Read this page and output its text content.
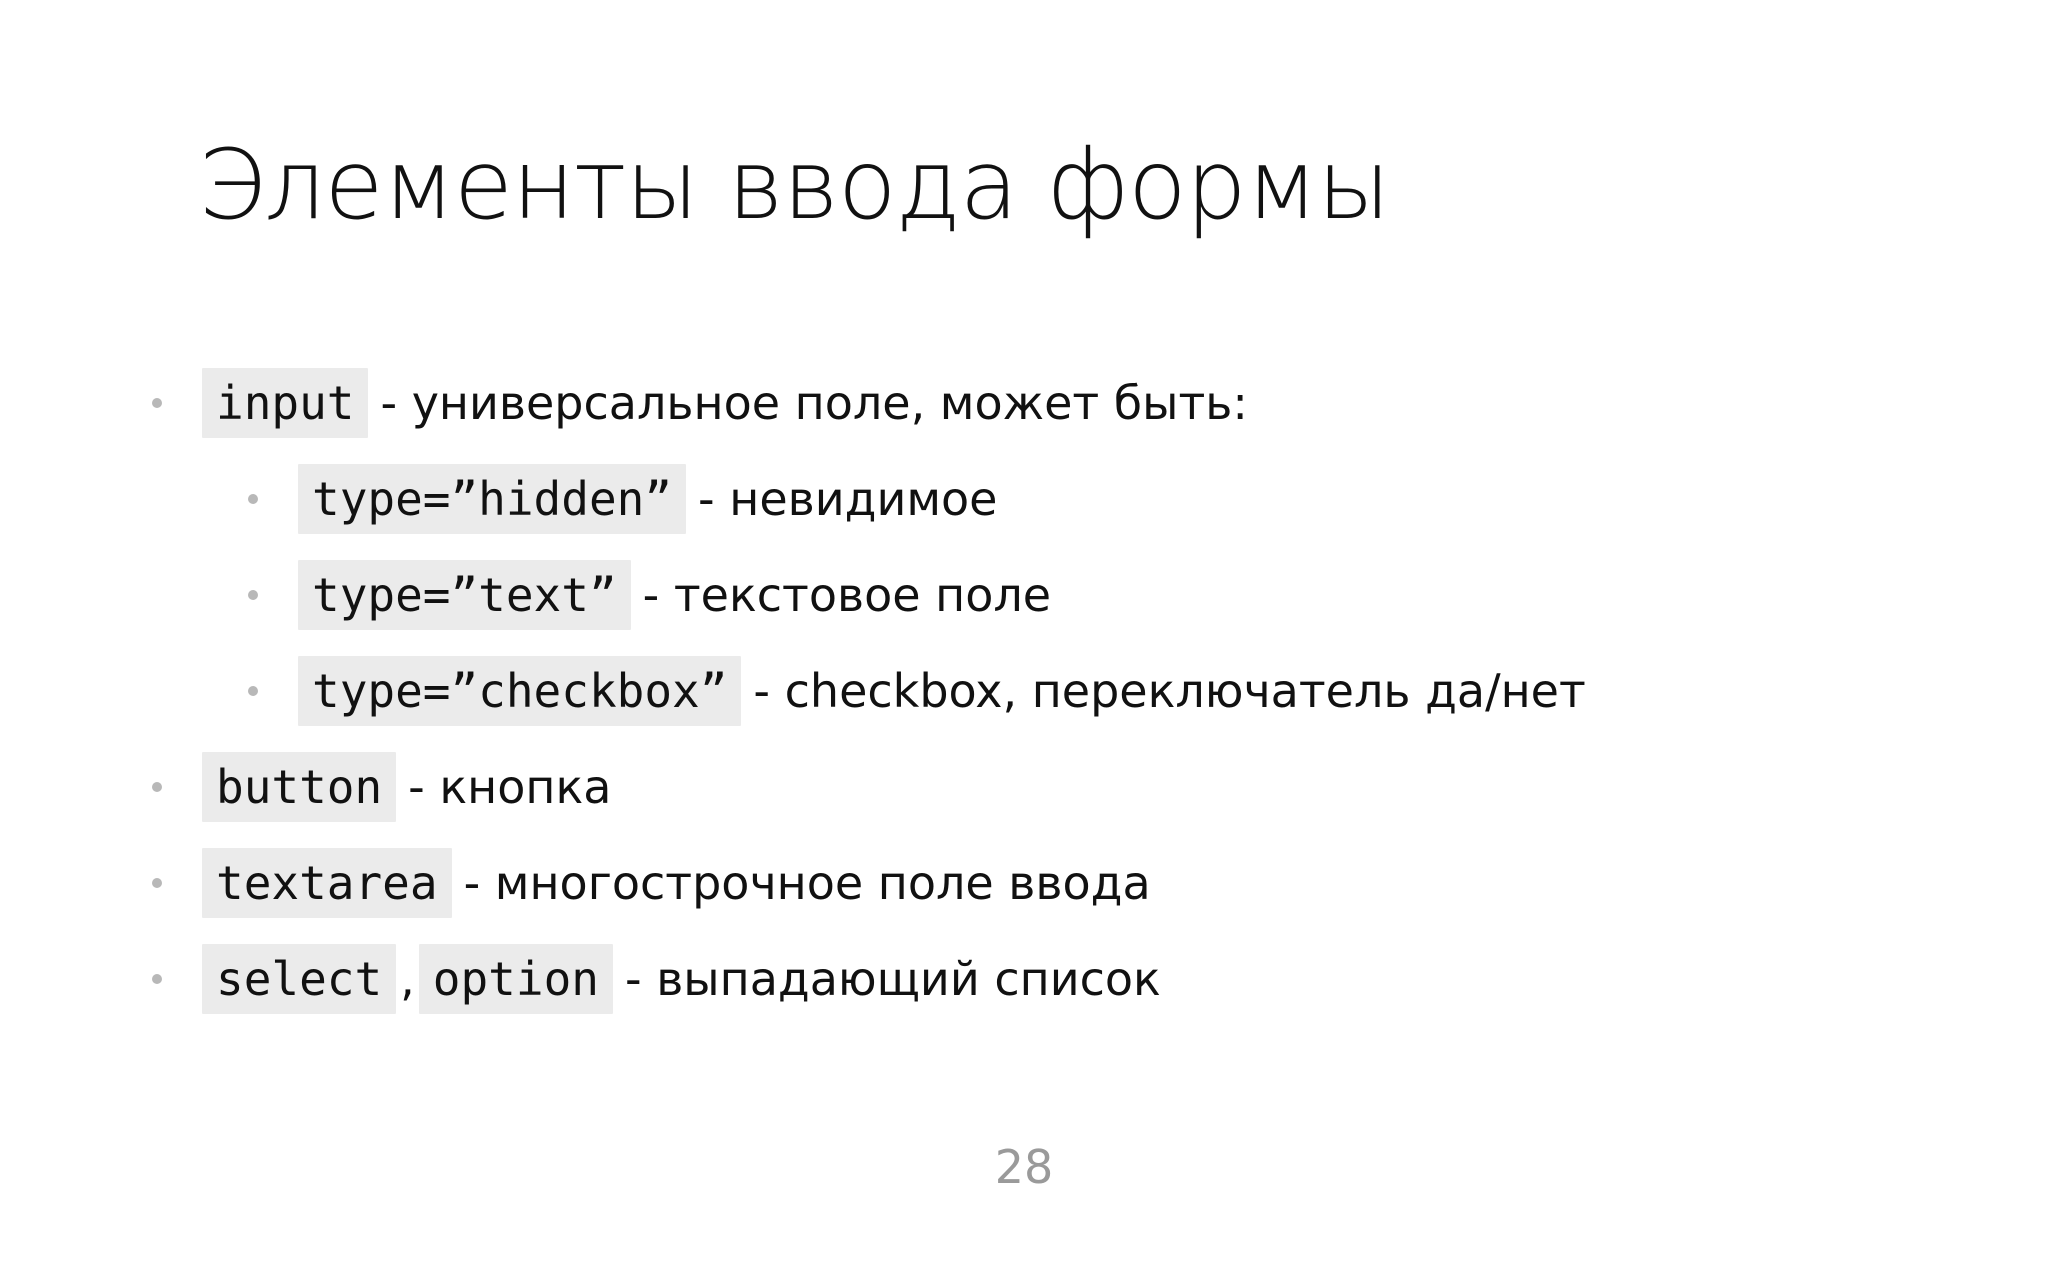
Элементы ввода формы
input - универсальное поле, может быть:
type=”hidden” - невидимое
type=”text” - текстовое поле
type=”checkbox” - checkbox, переключатель да/нет
button - кнопка
textarea - многострочное поле ввода
select , option - выпадающий список
28
